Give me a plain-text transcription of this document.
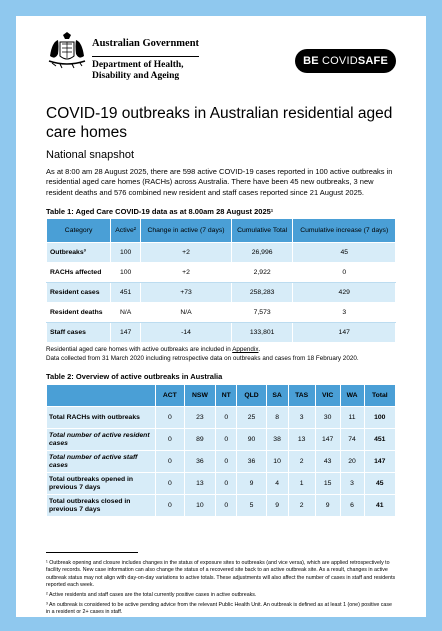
Australian Government
Department of Health,
Disability and Ageing
BE COVIDSAFE
COVID-19 outbreaks in Australian residential aged care homes
National snapshot
As at 8:00 am 28 August 2025, there are 598 active COVID-19 cases reported in 100 active outbreaks in residential aged care homes (RACHs) across Australia. There have been 45 new outbreaks, 3 new resident deaths and 576 combined new resident and staff cases reported since 21 August 2025.
Table 1: Aged Care COVID-19 data as at 8.00am 28 August 2025¹
Category	Active²	Change in active (7 days)	Cumulative Total	Cumulative increase (7 days)
Outbreaks³	100	+2	26,996	45
RACHs affected	100	+2	2,922	0
Resident cases	451	+73	258,283	429
Resident deaths	N/A	N/A	7,573	3
Staff cases	147	-14	133,801	147
Residential aged care homes with active outbreaks are included in Appendix.
Data collected from 31 March 2020 including retrospective data on outbreaks and cases from 18 February 2020.
Table 2: Overview of active outbreaks in Australia
	ACT	NSW	NT	QLD	SA	TAS	VIC	WA	Total
Total RACHs with outbreaks	0	23	0	25	8	3	30	11	100
Total number of active resident cases	0	89	0	90	38	13	147	74	451
Total number of active staff cases	0	36	0	36	10	2	43	20	147
Total outbreaks opened in previous 7 days	0	13	0	9	4	1	15	3	45
Total outbreaks closed in previous 7 days	0	10	0	5	9	2	9	6	41

¹ Outbreak opening and closure includes changes in the status of exposure sites to outbreaks (and vice versa), which are applied retrospectively to facility records. New case information can also change the status of a recovered site back to an active outbreak site. As a result, changes in active outbreak status may not align with day-on-day variations to active totals. These adjustments will also affect the number of cases in staff and residents reported each week.

² Active residents and staff cases are the total currently positive cases in active outbreaks.

³ An outbreak is considered to be active pending advice from the relevant Public Health Unit. An outbreak is defined as at least 1 (one) positive case in a resident or 2+ cases in staff.
